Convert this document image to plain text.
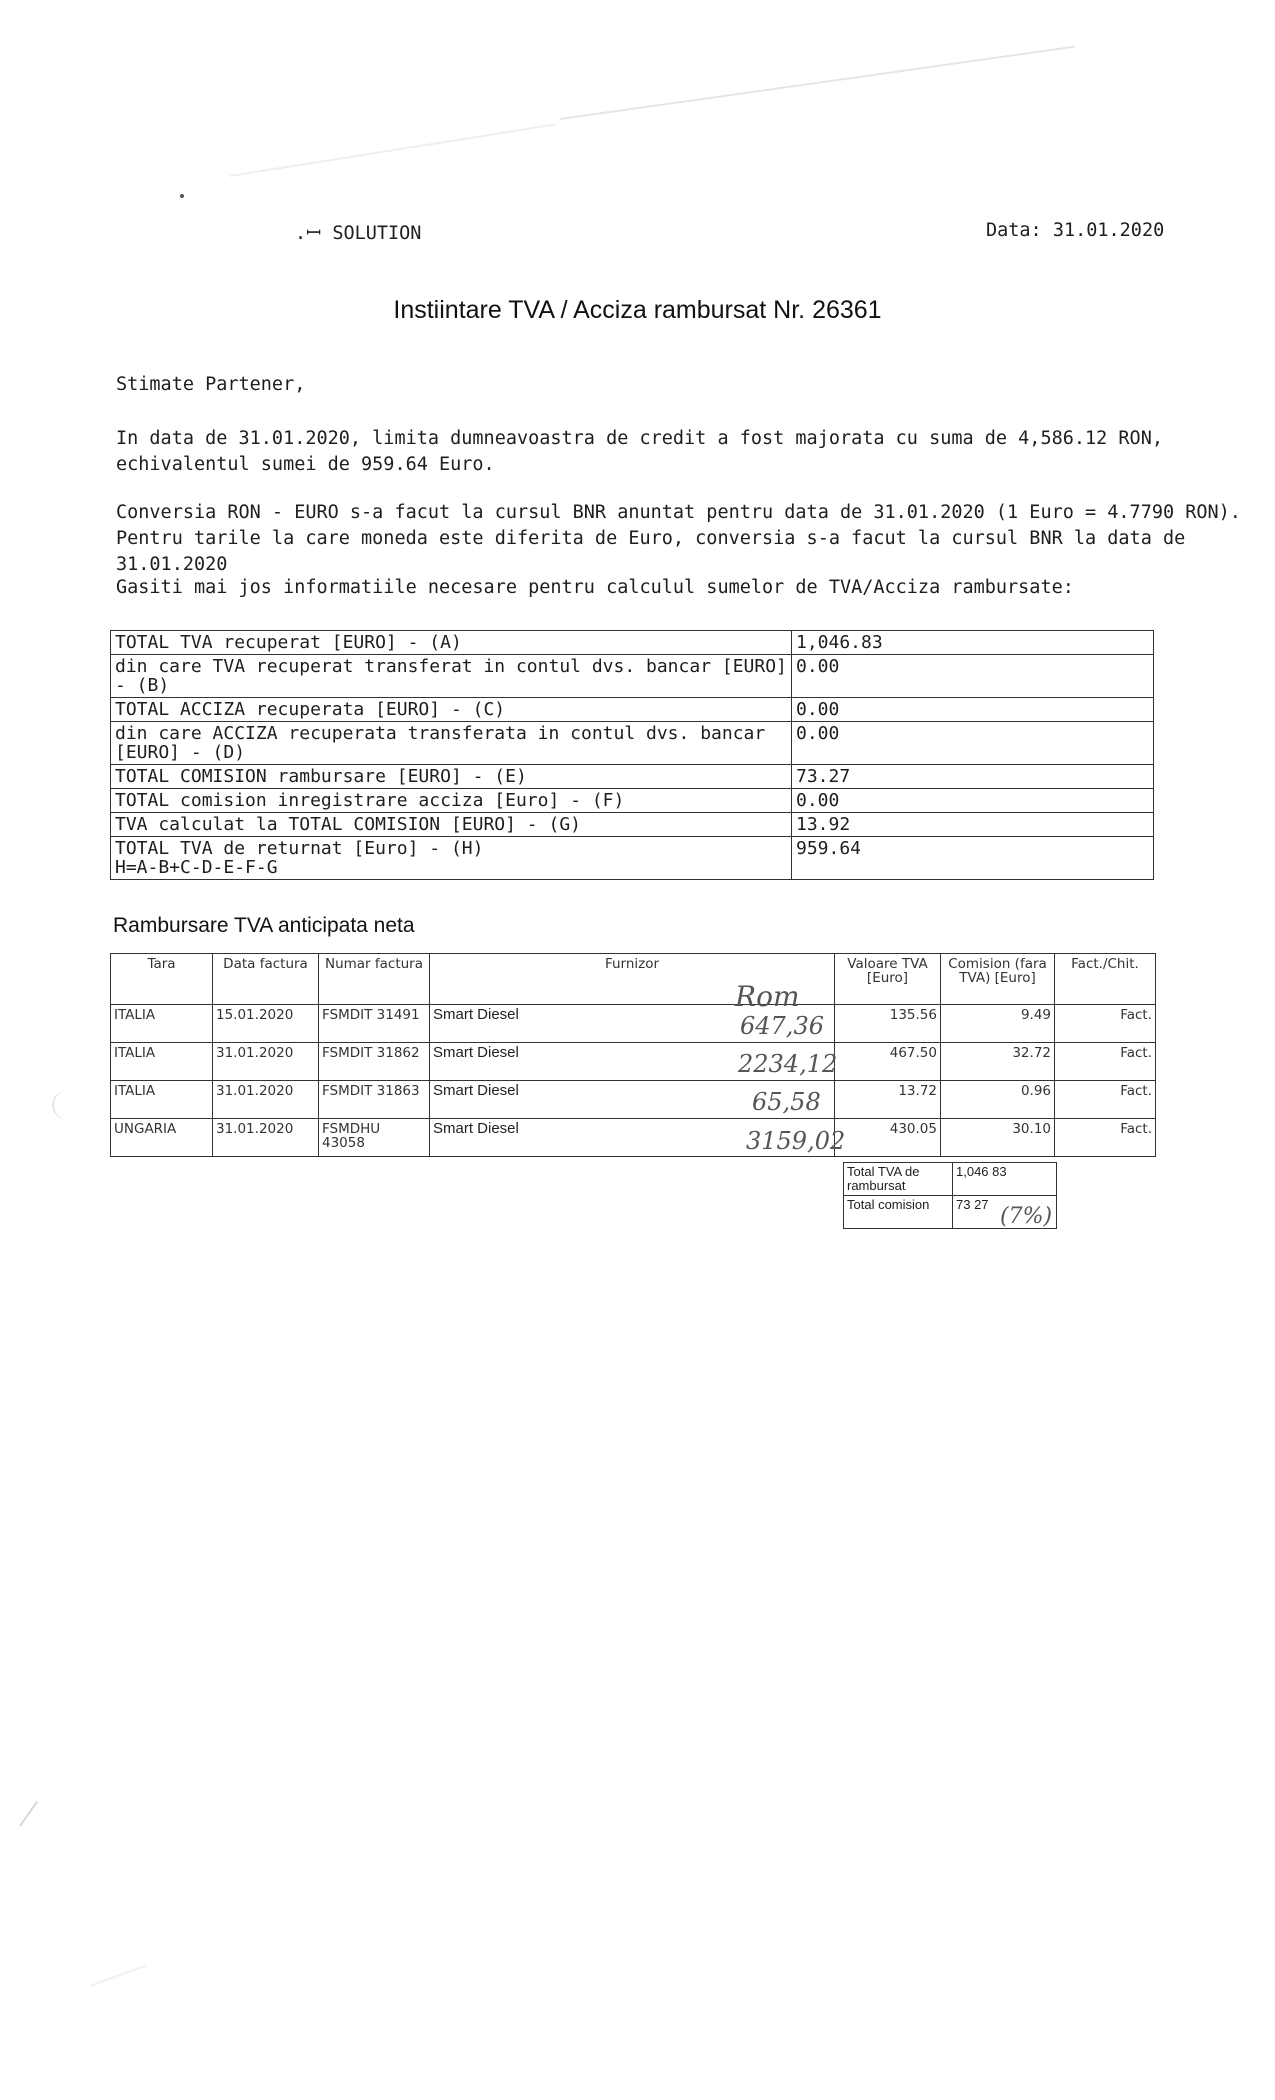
.ꟷ SOLUTION	Data: 31.01.2020
Instiintare TVA / Acciza rambursat Nr. 26361
Stimate Partener,
In data de 31.01.2020, limita dumneavoastra de credit a fost majorata cu suma de 4,586.12 RON,
echivalentul sumei de 959.64 Euro.
Conversia RON - EURO s-a facut la cursul BNR anuntat pentru data de 31.01.2020 (1 Euro = 4.7790 RON).
Pentru tarile la care moneda este diferita de Euro, conversia s-a facut la cursul BNR la data de 31.01.2020
Gasiti mai jos informatiile necesare pentru calculul sumelor de TVA/Acciza rambursate:
TOTAL TVA recuperat [EURO] - (A)	1,046.83
din care TVA recuperat transferat in contul dvs. bancar [EURO] - (B)	0.00
TOTAL ACCIZA recuperata [EURO] - (C)	0.00
din care ACCIZA recuperata transferata in contul dvs. bancar [EURO] - (D)	0.00
TOTAL COMISION rambursare [EURO] - (E)	73.27
TOTAL comision inregistrare acciza [Euro] - (F)	0.00
TVA calculat la TOTAL COMISION [EURO] - (G)	13.92

TOTAL TVA de returnat [Euro] - (H)
H=A-B+C-D-E-F-G	959.64
Rambursare TVA anticipata neta
Tara	Data factura	Numar factura	Furnizor	Valoare TVA [Euro]	Comision (fara TVA) [Euro]	Fact./Chit.
ITALIA	15.01.2020	FSMDIT 31491	Smart Diesel	135.56	9.49	Fact.
ITALIA	31.01.2020	FSMDIT 31862	Smart Diesel	467.50	32.72	Fact.
ITALIA	31.01.2020	FSMDIT 31863	Smart Diesel	13.72	0.96	Fact.
UNGARIA	31.01.2020	FSMDHU 43058	Smart Diesel	430.05	30.10	Fact.
Total TVA de rambursat	1,046 83
Total comision	73 27
Rom
647,36
2234,12
65,58
3159,02
(7%)
